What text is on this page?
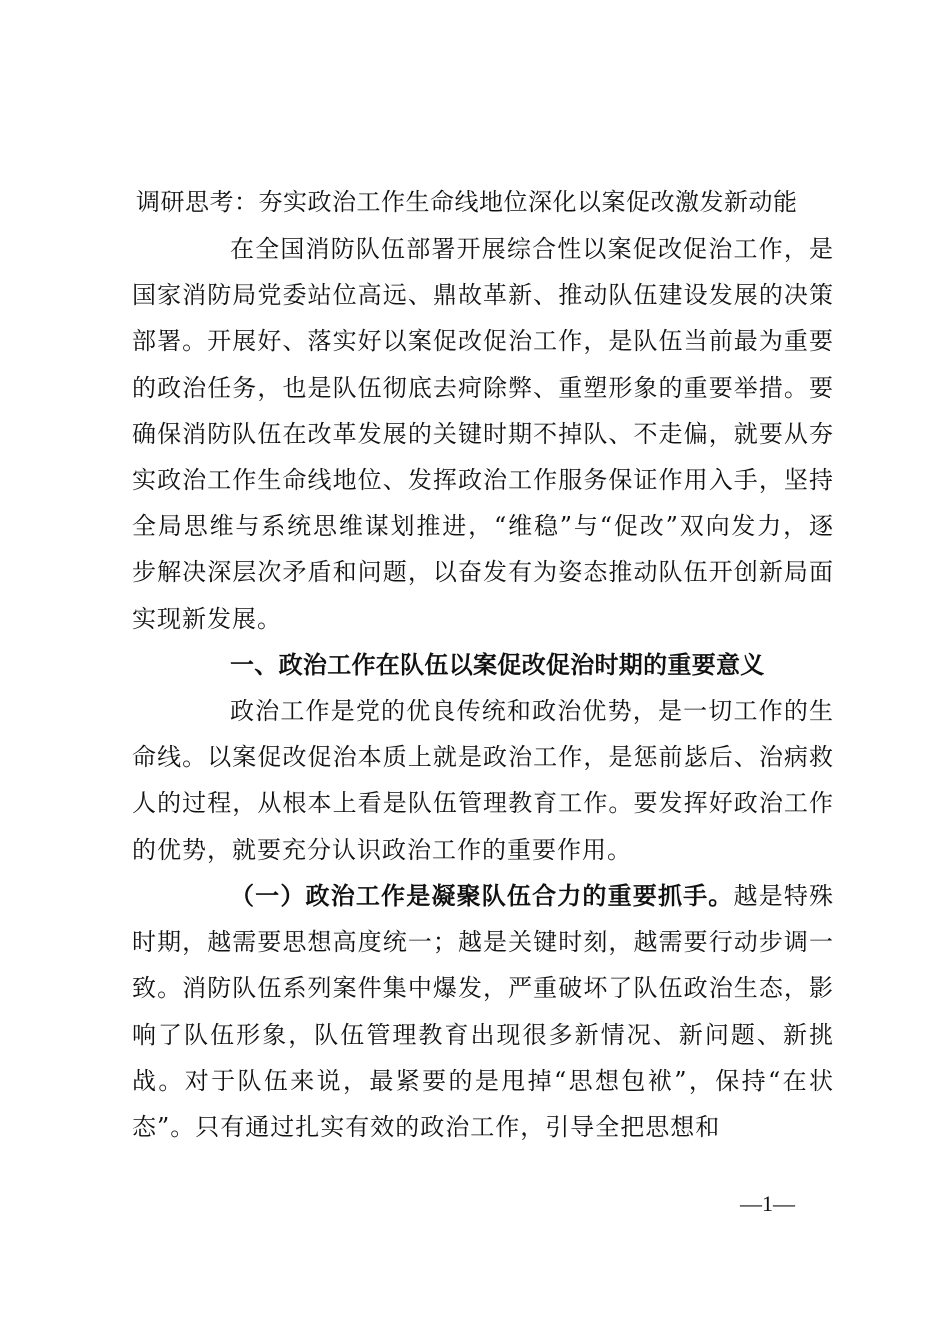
调研思考：夯实政治工作生命线地位深化以案促改激发新动能

在全国消防队伍部署开展综合性以案促改促治工作，是国家消防局党委站位高远、鼎故革新、推动队伍建设发展的决策部署。开展好、落实好以案促改促治工作，是队伍当前最为重要的政治任务，也是队伍彻底去疴除弊、重塑形象的重要举措。要确保消防队伍在改革发展的关键时期不掉队、不走偏，就要从夯实政治工作生命线地位、发挥政治工作服务保证作用入手，坚持全局思维与系统思维谋划推进，“维稳”与“促改”双向发力，逐步解决深层次矛盾和问题，以奋发有为姿态推动队伍开创新局面实现新发展。

一、政治工作在队伍以案促改促治时期的重要意义

政治工作是党的优良传统和政治优势，是一切工作的生命线。以案促改促治本质上就是政治工作，是惩前毖后、治病救人的过程，从根本上看是队伍管理教育工作。要发挥好政治工作的优势，就要充分认识政治工作的重要作用。

（一）政治工作是凝聚队伍合力的重要抓手。越是特殊时期，越需要思想高度统一；越是关键时刻，越需要行动步调一致。消防队伍系列案件集中爆发，严重破坏了队伍政治生态，影响了队伍形象，队伍管理教育出现很多新情况、新问题、新挑战。对于队伍来说，最紧要的是甩掉“思想包袱”，保持“在状态”。只有通过扎实有效的政治工作，引导全把思想和

—1—
